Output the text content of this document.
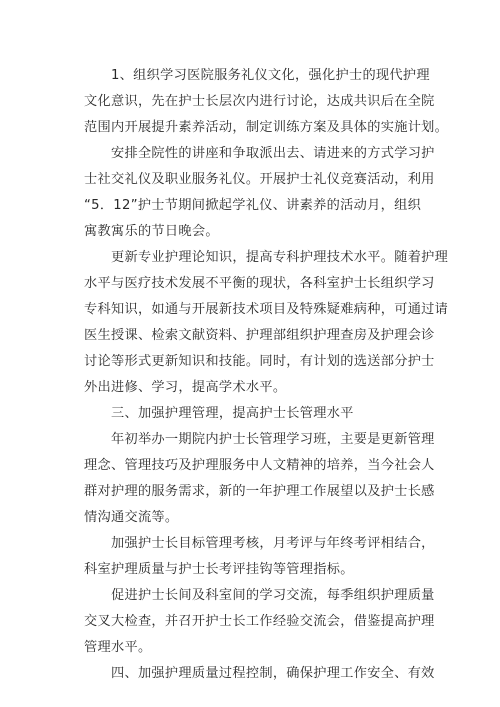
　　1、组织学习医院服务礼仪文化，强化护士的现代护理
文化意识，先在护士长层次内进行讨论，达成共识后在全院
范围内开展提升素养活动，制定训练方案及具体的实施计划。
　　安排全院性的讲座和争取派出去、请进来的方式学习护
士社交礼仪及职业服务礼仪。开展护士礼仪竞赛活动，利用
“5．12”护士节期间掀起学礼仪、讲素养的活动月，组织
寓教寓乐的节日晚会。
　　更新专业护理论知识，提高专科护理技术水平。随着护理
水平与医疗技术发展不平衡的现状，各科室护士长组织学习
专科知识，如通与开展新技术项目及特殊疑难病种，可通过请
医生授课、检索文献资料、护理部组织护理查房及护理会诊
讨论等形式更新知识和技能。同时，有计划的选送部分护士
外出进修、学习，提高学术水平。
　　三、加强护理管理，提高护士长管理水平
　　年初举办一期院内护士长管理学习班，主要是更新管理
理念、管理技巧及护理服务中人文精神的培养，当今社会人
群对护理的服务需求，新的一年护理工作展望以及护士长感
情沟通交流等。
　　加强护士长目标管理考核，月考评与年终考评相结合，
科室护理质量与护士长考评挂钩等管理指标。
　　促进护士长间及科室间的学习交流，每季组织护理质量
交叉大检查，并召开护士长工作经验交流会，借鉴提高护理
管理水平。
　　四、加强护理质量过程控制，确保护理工作安全、有效
